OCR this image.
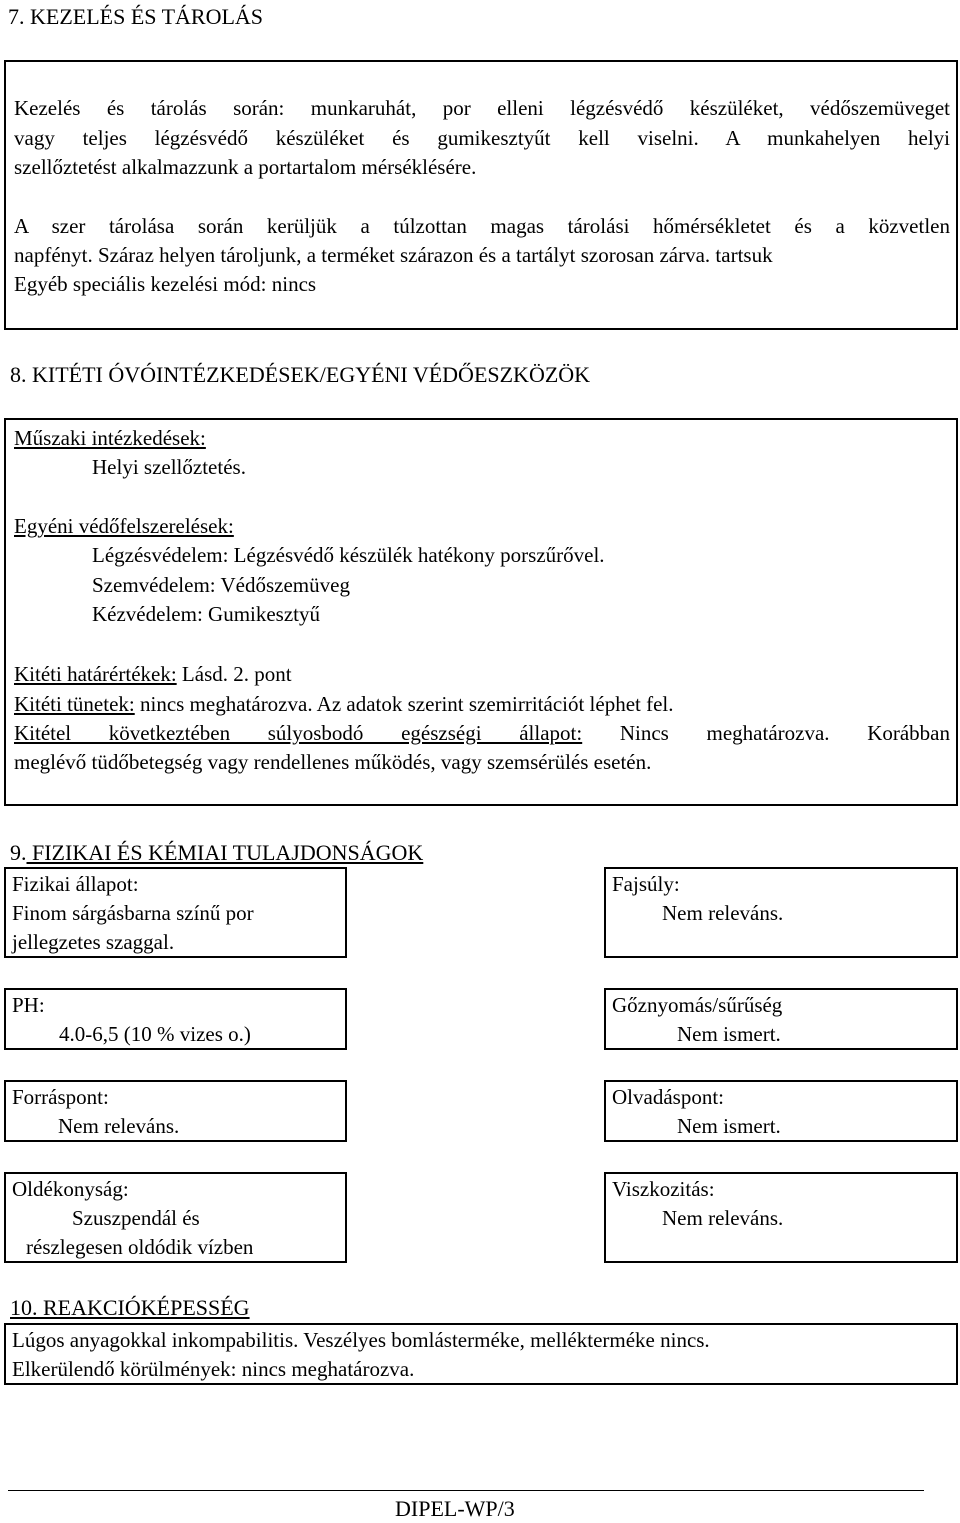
7. KEZELÉS ÉS TÁROLÁS
Kezelés és tárolás során: munkaruhát, por elleni légzésvédő készüléket, védőszemüveget
vagy teljes légzésvédő készüléket és gumikesztyűt kell viselni. A munkahelyen helyi
szellőztetést alkalmazzunk a portartalom mérséklésére.
A szer tárolása során kerüljük a túlzottan magas tárolási hőmérsékletet és a közvetlen
napfényt. Száraz helyen tároljunk, a terméket szárazon és a tartályt szorosan zárva. tartsuk
Egyéb speciális kezelési mód: nincs
8. KITÉTI ÓVÓINTÉZKEDÉSEK/EGYÉNI VÉDŐESZKÖZÖK
Műszaki intézkedések:
Helyi szellőztetés.
Egyéni védőfelszerelések:
Légzésvédelem: Légzésvédő készülék hatékony porszűrővel.
Szemvédelem: Védőszemüveg
Kézvédelem: Gumikesztyű
Kitéti határértékek: Lásd. 2. pont
Kitéti tünetek: nincs meghatározva. Az adatok szerint szemirritációt léphet fel.
Kitétel következtében súlyosbodó egészségi állapot: Nincs meghatározva. Korábban
meglévő tüdőbetegség vagy rendellenes működés, vagy szemsérülés esetén.
9. FIZIKAI ÉS KÉMIAI TULAJDONSÁGOK
Fizikai állapot:
Finom sárgásbarna színű por
jellegzetes szaggal.
Fajsúly:
Nem releváns.
PH:
4.0-6,5 (10 % vizes o.)
Gőznyomás/sűrűség
Nem ismert.
Forráspont:
Nem releváns.
Olvadáspont:
Nem ismert.
Oldékonyság:
Szuszpendál és
részlegesen oldódik vízben
Viszkozitás:
Nem releváns.
10. REAKCIÓKÉPESSÉG
Lúgos anyagokkal inkompabilitis. Veszélyes bomlásterméke, mellékterméke nincs.
Elkerülendő körülmények: nincs meghatározva.
DIPEL-WP/3
